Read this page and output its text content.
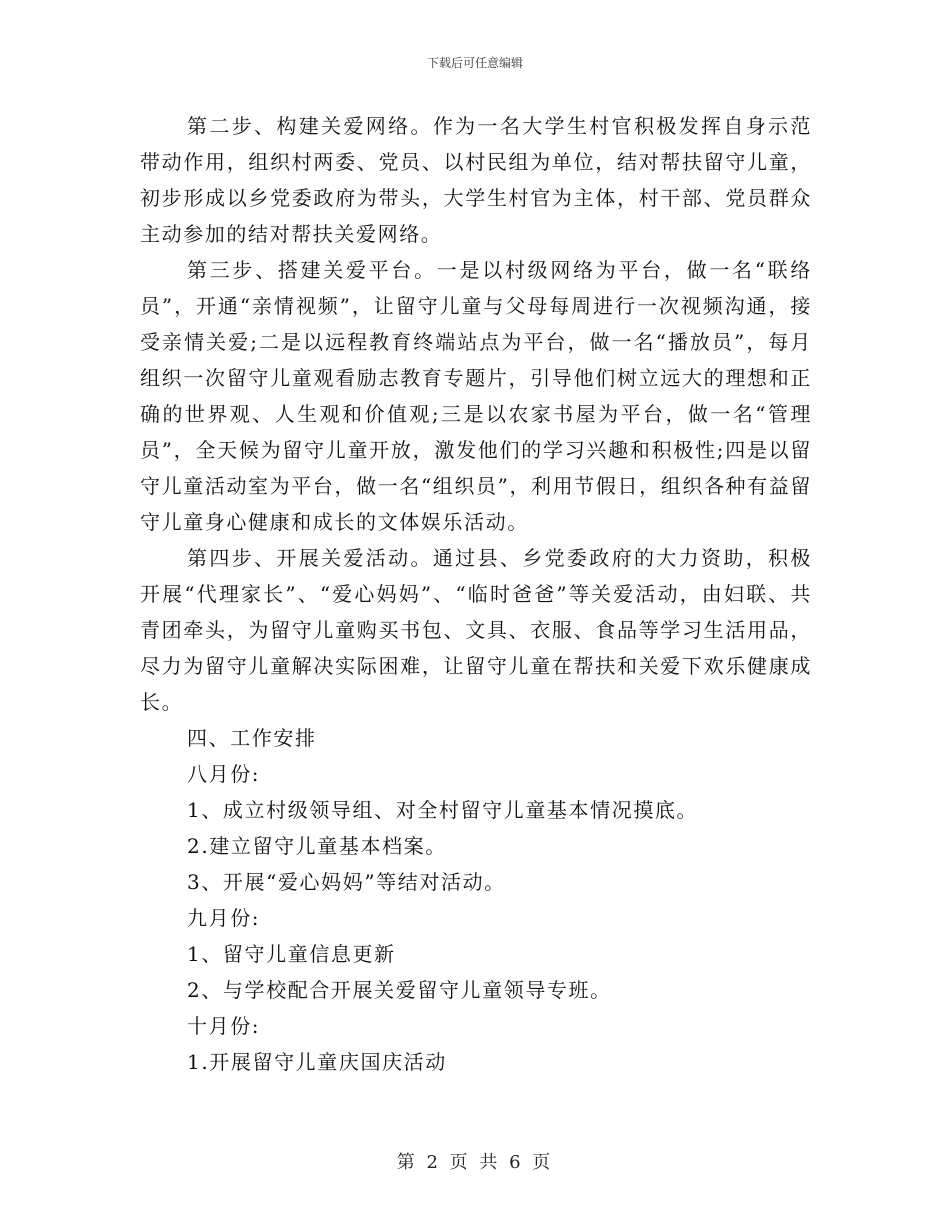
下载后可任意编辑

第二步、构建关爱网络。作为一名大学生村官积极发挥自身示范带动作用，组织村两委、党员、以村民组为单位，结对帮扶留守儿童，初步形成以乡党委政府为带头，大学生村官为主体，村干部、党员群众主动参加的结对帮扶关爱网络。

第三步、搭建关爱平台。一是以村级网络为平台，做一名“联络员”，开通“亲情视频”，让留守儿童与父母每周进行一次视频沟通，接受亲情关爱;二是以远程教育终端站点为平台，做一名“播放员”，每月组织一次留守儿童观看励志教育专题片，引导他们树立远大的理想和正确的世界观、人生观和价值观;三是以农家书屋为平台，做一名“管理员”，全天候为留守儿童开放，激发他们的学习兴趣和积极性;四是以留守儿童活动室为平台，做一名“组织员”，利用节假日，组织各种有益留守儿童身心健康和成长的文体娱乐活动。

第四步、开展关爱活动。通过县、乡党委政府的大力资助，积极开展“代理家长”、“爱心妈妈”、“临时爸爸”等关爱活动，由妇联、共青团牵头，为留守儿童购买书包、文具、衣服、食品等学习生活用品，尽力为留守儿童解决实际困难，让留守儿童在帮扶和关爱下欢乐健康成长。

四、工作安排

八月份:

1、成立村级领导组、对全村留守儿童基本情况摸底。

2.建立留守儿童基本档案。

3、开展“爱心妈妈”等结对活动。

九月份:

1、留守儿童信息更新

2、与学校配合开展关爱留守儿童领导专班。

十月份:

1.开展留守儿童庆国庆活动

第 2 页 共 6 页
